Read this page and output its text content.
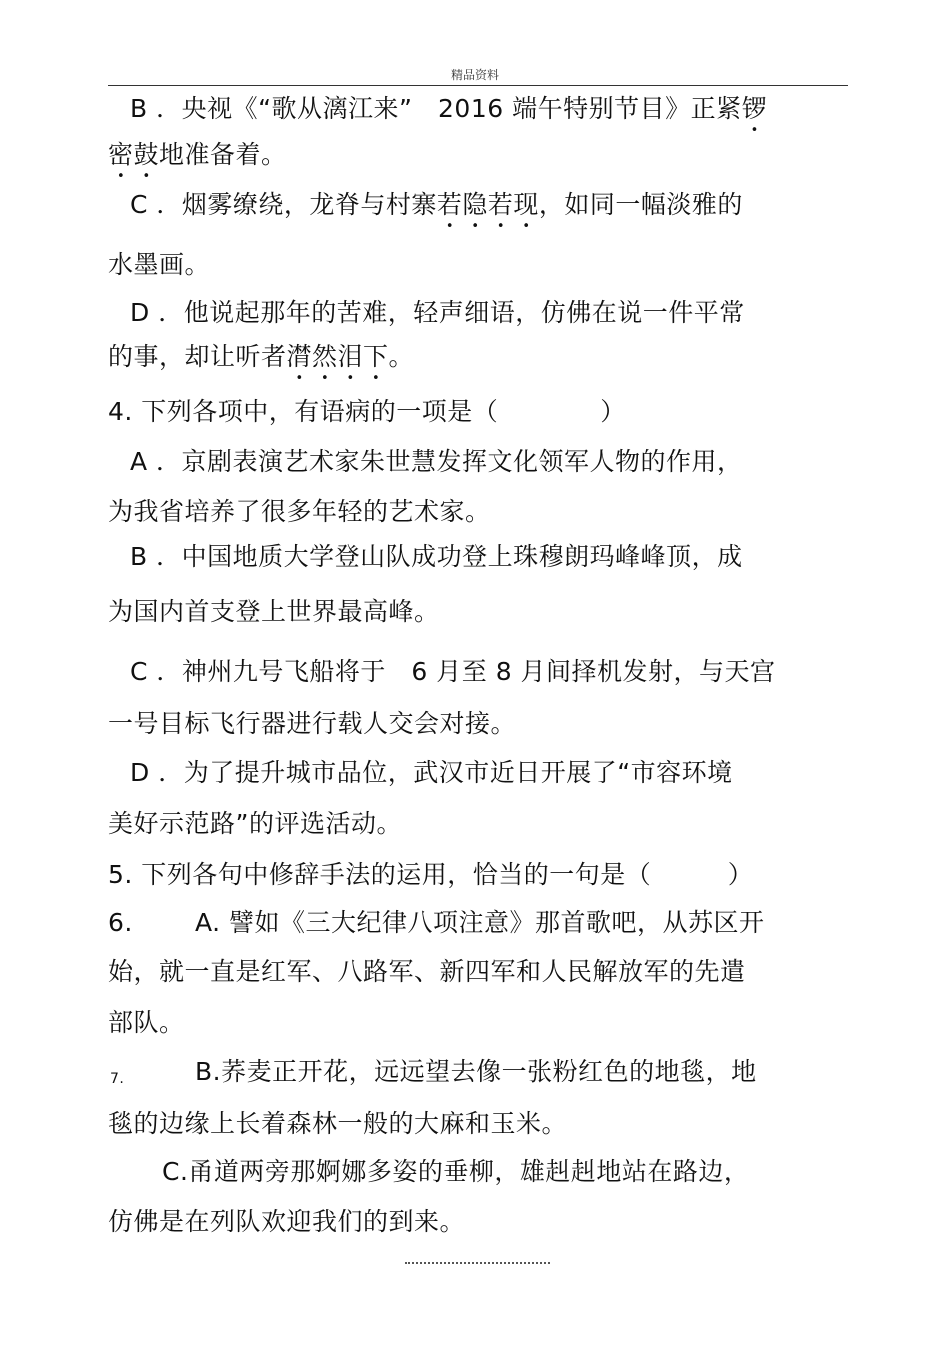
精品资料
B ．央视《“歌从漓江来”　2016 端午特别节目》正紧锣
密鼓地准备着。
C ．烟雾缭绕，龙脊与村寨若隐若现，如同一幅淡雅的
水墨画。
D ．他说起那年的苦难，轻声细语，仿佛在说一件平常
的事，却让听者潸然泪下。
4. 下列各项中，有语病的一项是（　　　　）
A ．京剧表演艺术家朱世慧发挥文化领军人物的作用，
为我省培养了很多年轻的艺术家。
B ．中国地质大学登山队成功登上珠穆朗玛峰峰顶，成
为国内首支登上世界最高峰。
C ．神州九号飞船将于　6 月至 8 月间择机发射，与天宫
一号目标飞行器进行载人交会对接。
D ．为了提升城市品位，武汉市近日开展了“市容环境
美好示范路”的评选活动。
5. 下列各句中修辞手法的运用，恰当的一句是（　　　）
6. A. 譬如《三大纪律八项注意》那首歌吧，从苏区开
始，就一直是红军、八路军、新四军和人民解放军的先遣
部队。
7.	B.荞麦正开花，远远望去像一张粉红色的地毯，地
毯的边缘上长着森林一般的大麻和玉米。
C.甬道两旁那婀娜多姿的垂柳，雄赳赳地站在路边，
仿佛是在列队欢迎我们的到来。
